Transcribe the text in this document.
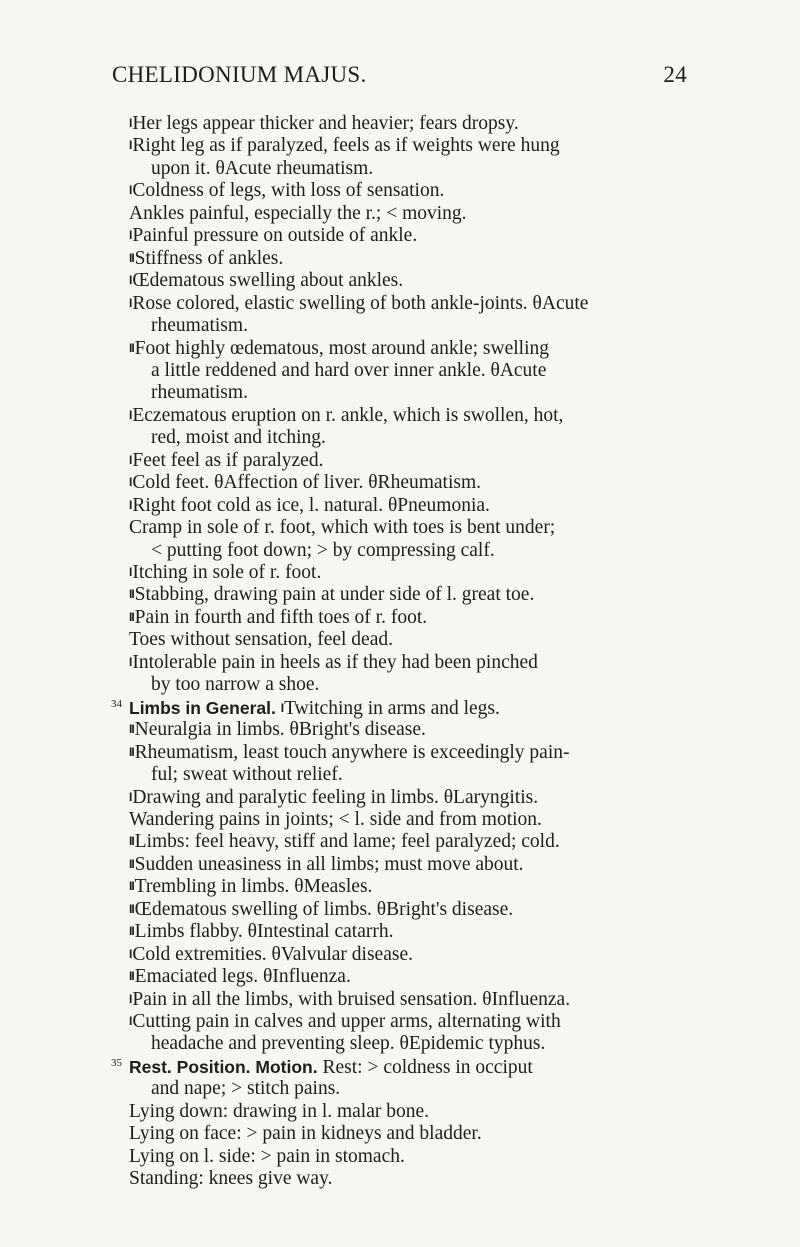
CHELIDONIUM MAJUS.	24
IHer legs appear thicker and heavier; fears dropsy.
IRight leg as if paralyzed, feels as if weights were hung
upon it. θAcute rheumatism.
IColdness of legs, with loss of sensation.
Ankles painful, especially the r.; < moving.
IPainful pressure on outside of ankle.
IIStiffness of ankles.
IŒdematous swelling about ankles.
IRose colored, elastic swelling of both ankle-joints. θAcute
rheumatism.
IIFoot highly œdematous, most around ankle; swelling
a little reddened and hard over inner ankle. θAcute
rheumatism.
IEczematous eruption on r. ankle, which is swollen, hot,
red, moist and itching.
IFeet feel as if paralyzed.
ICold feet. θAffection of liver. θRheumatism.
IRight foot cold as ice, l. natural. θPneumonia.
Cramp in sole of r. foot, which with toes is bent under;
< putting foot down; > by compressing calf.
IItching in sole of r. foot.
IIStabbing, drawing pain at under side of l. great toe.
IIPain in fourth and fifth toes of r. foot.
Toes without sensation, feel dead.
IIntolerable pain in heels as if they had been pinched
by too narrow a shoe.
34 Limbs in General. ITwitching in arms and legs.
IINeuralgia in limbs. θBright's disease.
IIRheumatism, least touch anywhere is exceedingly pain-
ful; sweat without relief.
IDrawing and paralytic feeling in limbs. θLaryngitis.
Wandering pains in joints; < l. side and from motion.
IILimbs: feel heavy, stiff and lame; feel paralyzed; cold.
IISudden uneasiness in all limbs; must move about.
IITrembling in limbs. θMeasles.
IIŒdematous swelling of limbs. θBright's disease.
IILimbs flabby. θIntestinal catarrh.
ICold extremities. θValvular disease.
IIEmaciated legs. θInfluenza.
IPain in all the limbs, with bruised sensation. θInfluenza.
ICutting pain in calves and upper arms, alternating with
headache and preventing sleep. θEpidemic typhus.
35 Rest. Position. Motion. Rest: > coldness in occiput
and nape; > stitch pains.
Lying down: drawing in l. malar bone.
Lying on face: > pain in kidneys and bladder.
Lying on l. side: > pain in stomach.
Standing: knees give way.
